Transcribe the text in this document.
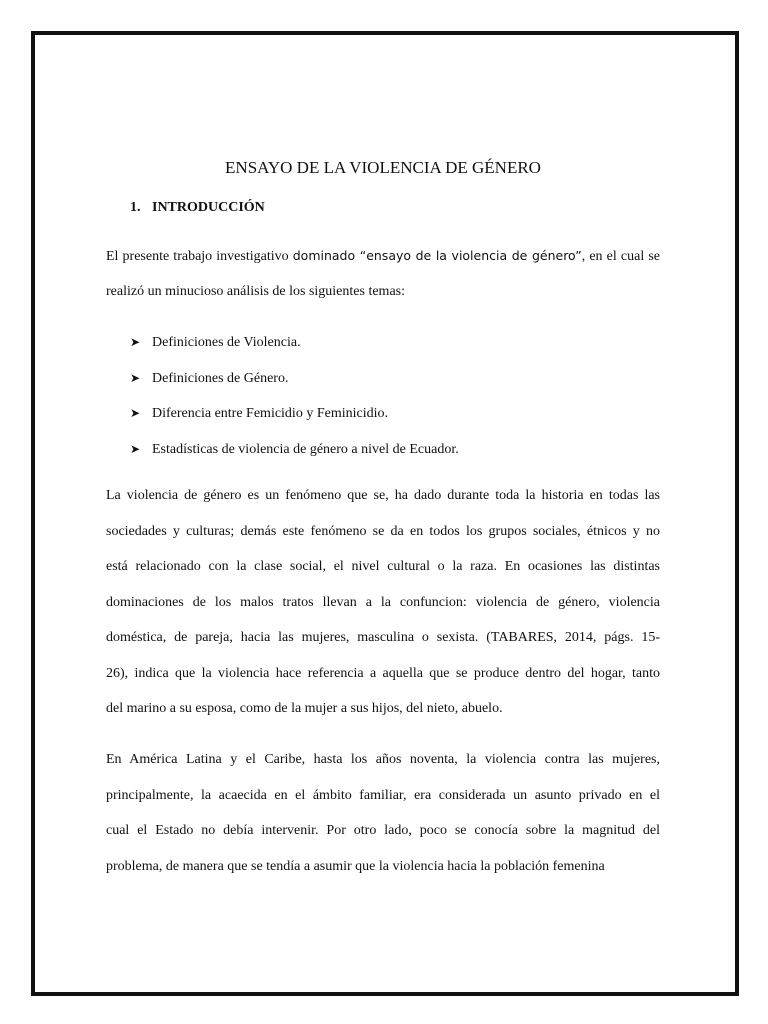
ENSAYO DE LA VIOLENCIA DE GÉNERO
1. INTRODUCCIÓN
El presente trabajo investigativo dominado “ensayo de la violencia de género”, en el cual se
realizó un minucioso análisis de los siguientes temas:
➤ Definiciones de Violencia.
➤ Definiciones de Género.
➤ Diferencia entre Femicidio y Feminicidio.
➤ Estadísticas de violencia de género a nivel de Ecuador.
La violencia de género es un fenómeno que se, ha dado durante toda la historia en todas las
sociedades y culturas; demás este fenómeno se da en todos los grupos sociales, étnicos y no
está relacionado con la clase social, el nivel cultural o la raza. En ocasiones las distintas
dominaciones de los malos tratos llevan a la confuncion: violencia de género, violencia
doméstica, de pareja, hacia las mujeres, masculina o sexista. (TABARES, 2014, págs. 15-
26), indica que la violencia hace referencia a aquella que se produce dentro del hogar, tanto
del marino a su esposa, como de la mujer a sus hijos, del nieto, abuelo.
En América Latina y el Caribe, hasta los años noventa, la violencia contra las mujeres,
principalmente, la acaecida en el ámbito familiar, era considerada un asunto privado en el
cual el Estado no debía intervenir. Por otro lado, poco se conocía sobre la magnitud del
problema, de manera que se tendía a asumir que la violencia hacia la población femenina
